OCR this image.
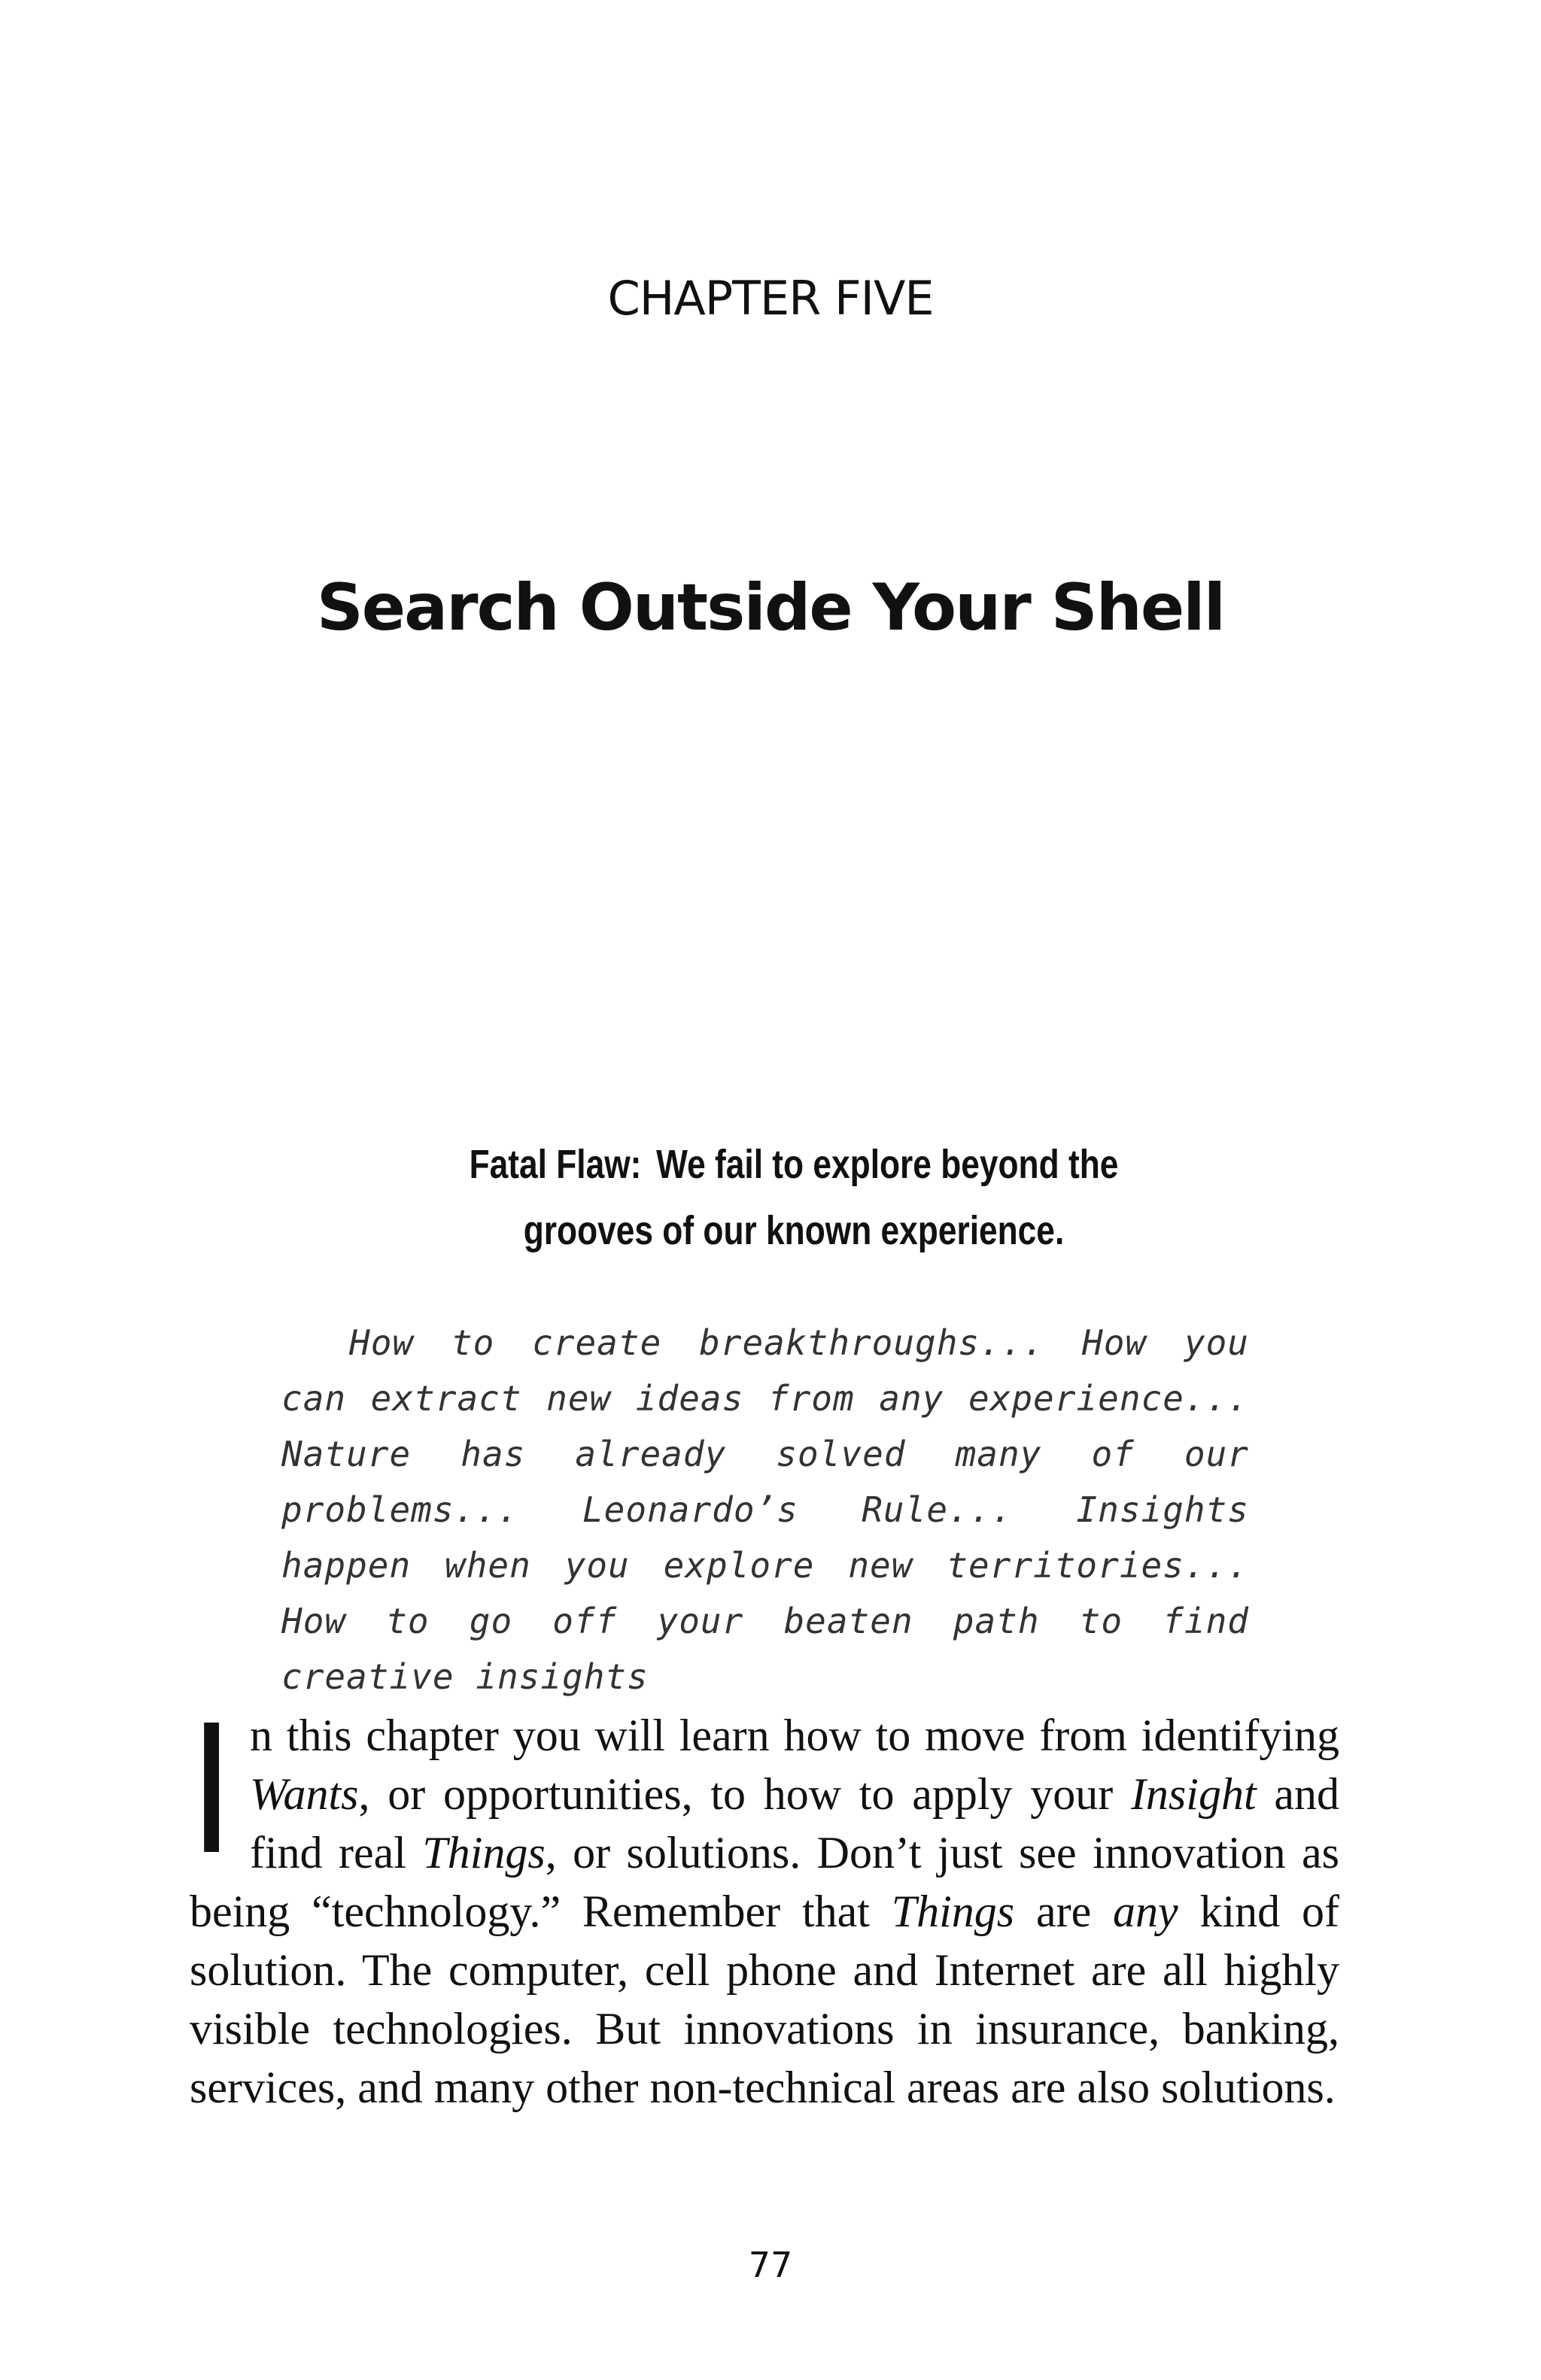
CHAPTER FIVE
Search Outside Your Shell
Fatal Flaw: We fail to explore beyond the grooves of our known experience.
How to create breakthroughs... How you can extract new ideas from any experience... Nature has already solved many of our problems... Leonardo’s Rule... Insights happen when you explore new territories... How to go off your beaten path to find creative insights
In this chapter you will learn how to move from identifying Wants, or opportunities, to how to apply your Insight and find real Things, or solutions. Don’t just see innovation as being “technology.” Remember that Things are any kind of solution. The computer, cell phone and Internet are all highly visible technologies. But innovations in insurance, banking, services, and many other non-technical areas are also solutions.
77
